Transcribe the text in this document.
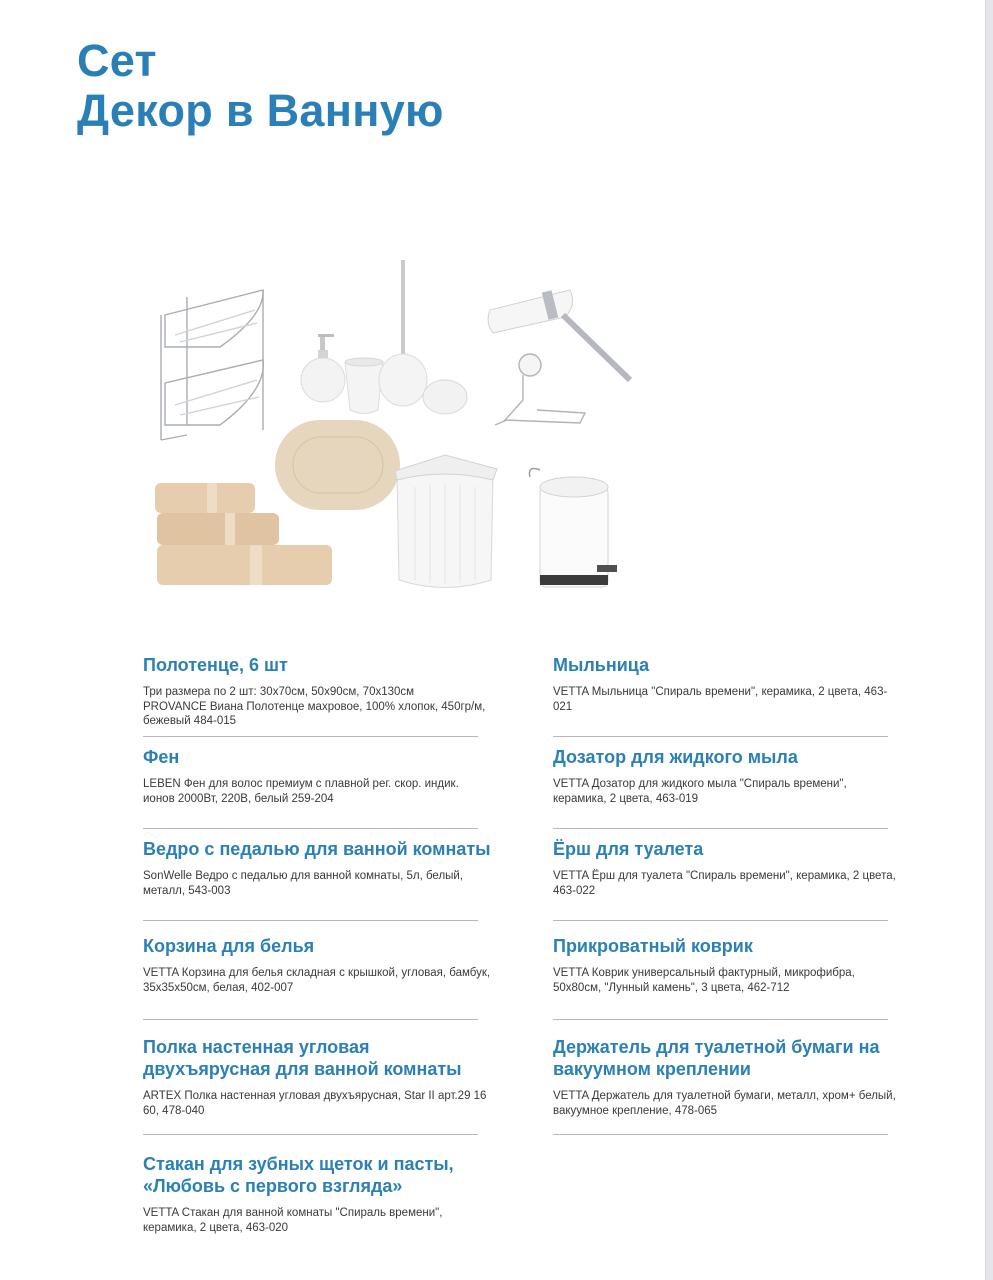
Сет
Декор в Ванную
Полотенце, 6 шт

Три размера по 2 шт: 30х70см, 50х90см, 70х130см
PROVANCE Виана Полотенце махровое, 100% хлопок, 450гр/м, бежевый 484-015

Фен

LEBEN Фен для волос премиум с плавной рег. скор. индик. ионов 2000Вт, 220В, белый 259-204

Ведро с педалью для ванной комнаты

SonWelle Ведро с педалью для ванной комнаты, 5л, белый, металл, 543-003

Корзина для белья

VETTA Корзина для белья складная с крышкой, угловая, бамбук, 35х35х50см, белая, 402-007

Полка настенная угловая двухъярусная для ванной комнаты

ARTEX Полка настенная угловая двухъярусная, Star II арт.29 16 60, 478-040

Стакан для зубных щеток и пасты, «Любовь с первого взгляда»

VETTA Стакан для ванной комнаты "Спираль времени", керамика, 2 цвета, 463-020

Мыльница

VETTA Мыльница "Спираль времени", керамика, 2 цвета, 463-021

Дозатор для жидкого мыла

VETTA Дозатор для жидкого мыла "Спираль времени", керамика, 2 цвета, 463-019

Ёрш для туалета

VETTA Ёрш для туалета "Спираль времени", керамика, 2 цвета, 463-022

Прикроватный коврик

VETTA Коврик универсальный фактурный, микрофибра, 50х80см, "Лунный камень", 3 цвета, 462-712

Держатель для туалетной бумаги на вакуумном креплении

VETTA Держатель для туалетной бумаги, металл, хром+ белый, вакуумное крепление, 478-065
